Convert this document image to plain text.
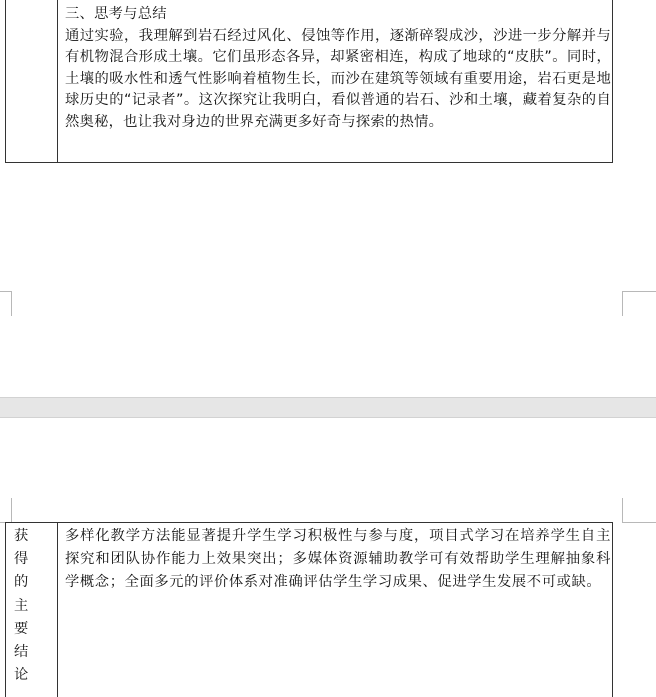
三、思考与总结

通过实验，我理解到岩石经过风化、侵蚀等作用，逐渐碎裂成沙，沙进一步分解并与有机物混合形成土壤。它们虽形态各异，却紧密相连，构成了地球的“皮肤”。同时，土壤的吸水性和透气性影响着植物生长，而沙在建筑等领域有重要用途，岩石更是地球历史的“记录者”。这次探究让我明白，看似普通的岩石、沙和土壤，藏着复杂的自然奥秘，也让我对身边的世界充满更多好奇与探索的热情。

获
得
的
主
要
结
论

多样化教学方法能显著提升学生学习积极性与参与度，项目式学习在培养学生自主探究和团队协作能力上效果突出；多媒体资源辅助教学可有效帮助学生理解抽象科学概念；全面多元的评价体系对准确评估学生学习成果、促进学生发展不可或缺。
